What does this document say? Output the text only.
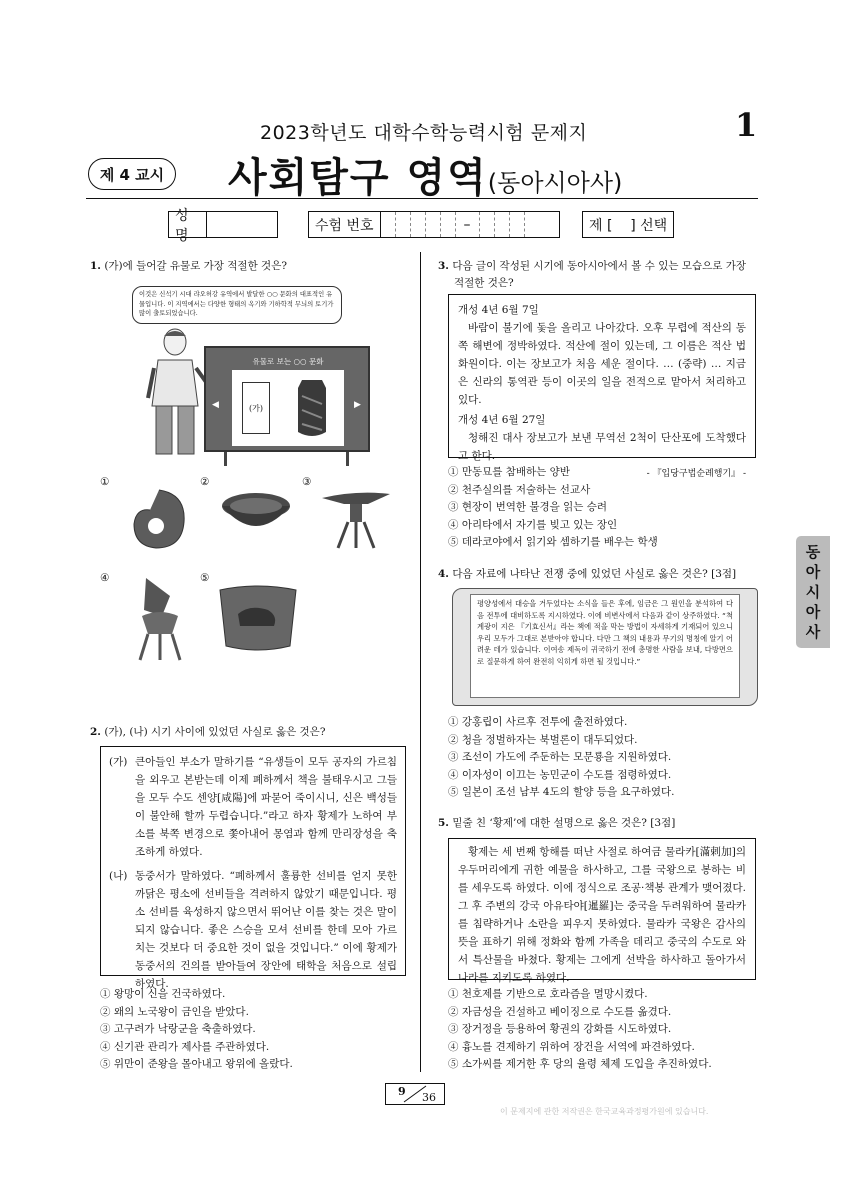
2023학년도 대학수학능력시험 문제지	1
제 4 교시 사회탐구 영역(동아시아사)
성명
수험 번호	–	제 [    ] 선택
1. (가)에 들어갈 유물로 가장 적절한 것은?
이것은 신석기 시대 랴오허강 유역에서 발달한 ○○ 문화의 대표적인 유물입니다. 이 지역에서는 다양한 형태의 옥기와 기하학적 무늬의 토기가 많이 출토되었습니다.
유물로 보는 ○○ 문화
(가)
◀	▶
①	②	③
④	⑤
2. (가), (나) 시기 사이에 있었던 사실로 옳은 것은?
(가) 큰아들인 부소가 말하기를 “유생들이 모두 공자의 가르침을 외우고 본받는데 이제 폐하께서 책을 불태우시고 그들을 모두 수도 센양[咸陽]에 파묻어 죽이시니, 신은 백성들이 불안해 할까 두렵습니다.”라고 하자 황제가 노하여 부소를 북쪽 변경으로 쫓아내어 몽염과 함께 만리장성을 축조하게 하였다.
(나) 동중서가 말하였다. “폐하께서 훌륭한 선비를 얻지 못한 까닭은 평소에 선비들을 격려하지 않았기 때문입니다. 평소 선비를 육성하지 않으면서 뛰어난 이를 찾는 것은 말이 되지 않습니다. 좋은 스승을 모셔 선비를 한데 모아 가르치는 것보다 더 중요한 것이 없을 것입니다.” 이에 황제가 동중서의 건의를 받아들여 장안에 태학을 처음으로 설립하였다.
① 왕망이 신을 건국하였다.
② 왜의 노국왕이 금인을 받았다.
③ 고구려가 낙랑군을 축출하였다.
④ 신기관 관리가 제사를 주관하였다.
⑤ 위만이 준왕을 몰아내고 왕위에 올랐다.
3. 다음 글이 작성된 시기에 동아시아에서 볼 수 있는 모습으로 가장
적절한 것은?
개성 4년 6월 7일
바람이 불기에 돛을 올리고 나아갔다. 오후 무렵에 적산의 동쪽 해변에 정박하였다. 적산에 절이 있는데, 그 이름은 적산 법화원이다. 이는 장보고가 처음 세운 절이다. … (중략) … 지금은 신라의 통역관 등이 이곳의 일을 전적으로 맡아서 처리하고 있다.
개성 4년 6월 27일
청해진 대사 장보고가 보낸 무역선 2척이 단산포에 도착했다고 한다.
- 『입당구법순례행기』 -
① 만동묘를 참배하는 양반
② 천주실의를 저술하는 선교사
③ 현장이 번역한 불경을 읽는 승려
④ 아리타에서 자기를 빚고 있는 장인
⑤ 데라코야에서 읽기와 셈하기를 배우는 학생
4. 다음 자료에 나타난 전쟁 중에 있었던 사실로 옳은 것은? [3점]
평양성에서 대승을 거두었다는 소식을 들은 후에, 임금은 그 원인을 분석하여 다음 전투에 대비하도록 지시하였다. 이에 비변사에서 다음과 같이 상주하였다. “척계광이 지은 『기효신서』라는 책에 적을 막는 방법이 자세하게 기재되어 있으니 우리 모두가 그대로 본받아야 합니다. 다만 그 책의 내용과 무기의 명칭에 알기 어려운 데가 있습니다. 이여송 제독이 귀국하기 전에 총명한 사람을 보내, 다방면으로 질문하게 하여 완전히 익히게 하면 될 것입니다.”
① 강홍립이 사르후 전투에 출전하였다.
② 청을 정벌하자는 북벌론이 대두되었다.
③ 조선이 가도에 주둔하는 모문룡을 지원하였다.
④ 이자성이 이끄는 농민군이 수도를 점령하였다.
⑤ 일본이 조선 남부 4도의 할양 등을 요구하였다.
5. 밑줄 친 ‘황제’에 대한 설명으로 옳은 것은? [3점]
황제는 세 번째 항해를 떠난 사절로 하여금 물라카[滿剌加]의 우두머리에게 귀한 예물을 하사하고, 그를 국왕으로 봉하는 비를 세우도록 하였다. 이에 정식으로 조공·책봉 관계가 맺어졌다. 그 후 주변의 강국 아유타야[暹羅]는 중국을 두려워하여 물라카를 침략하거나 소란을 피우지 못하였다. 물라카 국왕은 감사의 뜻을 표하기 위해 정화와 함께 가족을 데리고 중국의 수도로 와서 특산물을 바쳤다. 황제는 그에게 선박을 하사하고 돌아가서 나라를 지키도록 하였다.
① 천호제를 기반으로 호라즘을 멸망시켰다.
② 자금성을 건설하고 베이징으로 수도를 옮겼다.
③ 장거정을 등용하여 황권의 강화를 시도하였다.
④ 흉노를 견제하기 위하여 장건을 서역에 파견하였다.
⑤ 소가씨를 제거한 후 당의 율령 체제 도입을 추진하였다.
동
아
시
아
사
9 36
이 문제지에 관한 저작권은 한국교육과정평가원에 있습니다.
